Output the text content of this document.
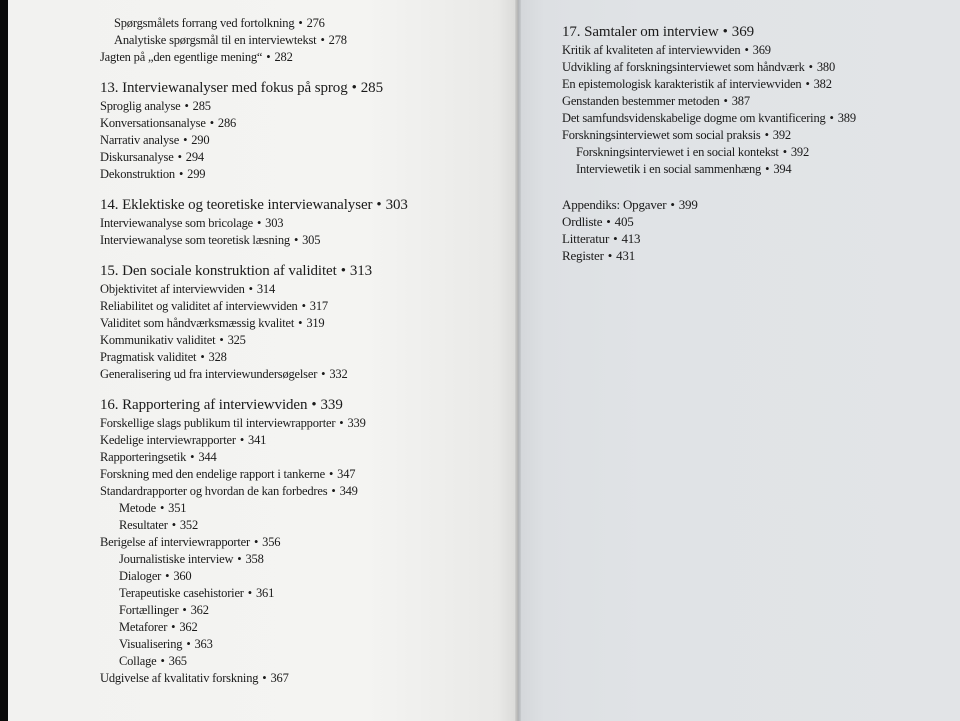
Spørgsmålets forrang ved fortolkning • 276
Analytiske spørgsmål til en interviewtekst • 278
Jagten på „den egentlige mening“ • 282
13. Interviewanalyser med fokus på sprog • 285
Sproglig analyse • 285
Konversationsanalyse • 286
Narrativ analyse • 290
Diskursanalyse • 294
Dekonstruktion • 299
14. Eklektiske og teoretiske interviewanalyser • 303
Interviewanalyse som bricolage • 303
Interviewanalyse som teoretisk læsning • 305
15. Den sociale konstruktion af validitet • 313
Objektivitet af interviewviden • 314
Reliabilitet og validitet af interviewviden • 317
Validitet som håndværksmæssig kvalitet • 319
Kommunikativ validitet • 325
Pragmatisk validitet • 328
Generalisering ud fra interviewundersøgelser • 332
16. Rapportering af interviewviden • 339
Forskellige slags publikum til interviewrapporter • 339
Kedelige interviewrapporter • 341
Rapporteringsetik • 344
Forskning med den endelige rapport i tankerne • 347
Standardrapporter og hvordan de kan forbedres • 349
Metode • 351
Resultater • 352
Berigelse af interviewrapporter • 356
Journalistiske interview • 358
Dialoger • 360
Terapeutiske casehistorier • 361
Fortællinger • 362
Metaforer • 362
Visualisering • 363
Collage • 365
Udgivelse af kvalitativ forskning • 367
17. Samtaler om interview • 369
Kritik af kvaliteten af interviewviden • 369
Udvikling af forskningsinterviewet som håndværk • 380
En epistemologisk karakteristik af interviewviden • 382
Genstanden bestemmer metoden • 387
Det samfundsvidenskabelige dogme om kvantificering • 389
Forskningsinterviewet som social praksis • 392
Forskningsinterviewet i en social kontekst • 392
Interviewetik i en social sammenhæng • 394
Appendiks: Opgaver • 399
Ordliste • 405
Litteratur • 413
Register • 431
